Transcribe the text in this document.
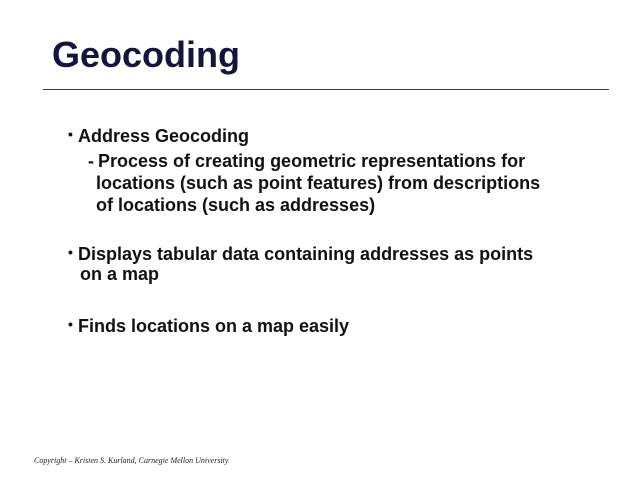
Geocoding
• Address Geocoding
- Process of creating geometric representations for
locations (such as point features) from descriptions
of locations (such as addresses)
• Displays tabular data containing addresses as points
on a map
• Finds locations on a map easily
Copyright – Kristen S. Kurland, Carnegie Mellon University
